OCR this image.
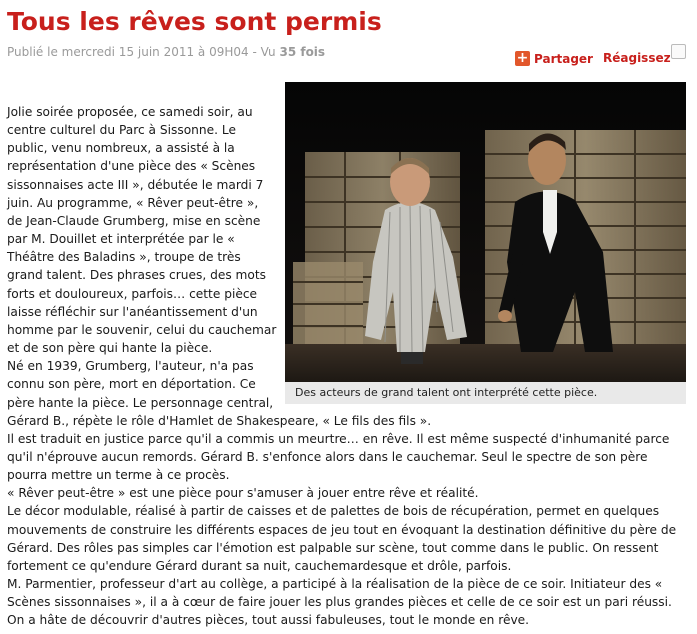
Tous les rêves sont permis
Publié le mercredi 15 juin 2011 à 09H04 - Vu 35 fois	+ Partager Réagissez
Des acteurs de grand talent ont interprété cette pièce.

Jolie soirée proposée, ce samedi soir, au centre culturel du Parc à Sissonne. Le public, venu nombreux, a assisté à la représentation d'une pièce des « Scènes sissonnaises acte III », débutée le mardi 7 juin. Au programme, « Rêver peut-être », de Jean-Claude Grumberg, mise en scène par M. Douillet et interprétée par le « Théâtre des Baladins », troupe de très grand talent. Des phrases crues, des mots forts et douloureux, parfois… cette pièce laisse réfléchir sur l'anéantissement d'un homme par le souvenir, celui du cauchemar et de son père qui hante la pièce.

Né en 1939, Grumberg, l'auteur, n'a pas connu son père, mort en déportation. Ce père hante la pièce. Le personnage central, Gérard B., répète le rôle d'Hamlet de Shakespeare, « Le fils des fils ».

Il est traduit en justice parce qu'il a commis un meurtre… en rêve. Il est même suspecté d'inhumanité parce qu'il n'éprouve aucun remords. Gérard B. s'enfonce alors dans le cauchemar. Seul le spectre de son père pourra mettre un terme à ce procès.

« Rêver peut-être » est une pièce pour s'amuser à jouer entre rêve et réalité.

Le décor modulable, réalisé à partir de caisses et de palettes de bois de récupération, permet en quelques mouvements de construire les différents espaces de jeu tout en évoquant la destination définitive du père de Gérard. Des rôles pas simples car l'émotion est palpable sur scène, tout comme dans le public. On ressent fortement ce qu'endure Gérard durant sa nuit, cauchemardesque et drôle, parfois.

M. Parmentier, professeur d'art au collège, a participé à la réalisation de la pièce de ce soir. Initiateur des « Scènes sissonnaises », il a à cœur de faire jouer les plus grandes pièces et celle de ce soir est un pari réussi. On a hâte de découvrir d'autres pièces, tout aussi fabuleuses, tout le monde en rêve.
